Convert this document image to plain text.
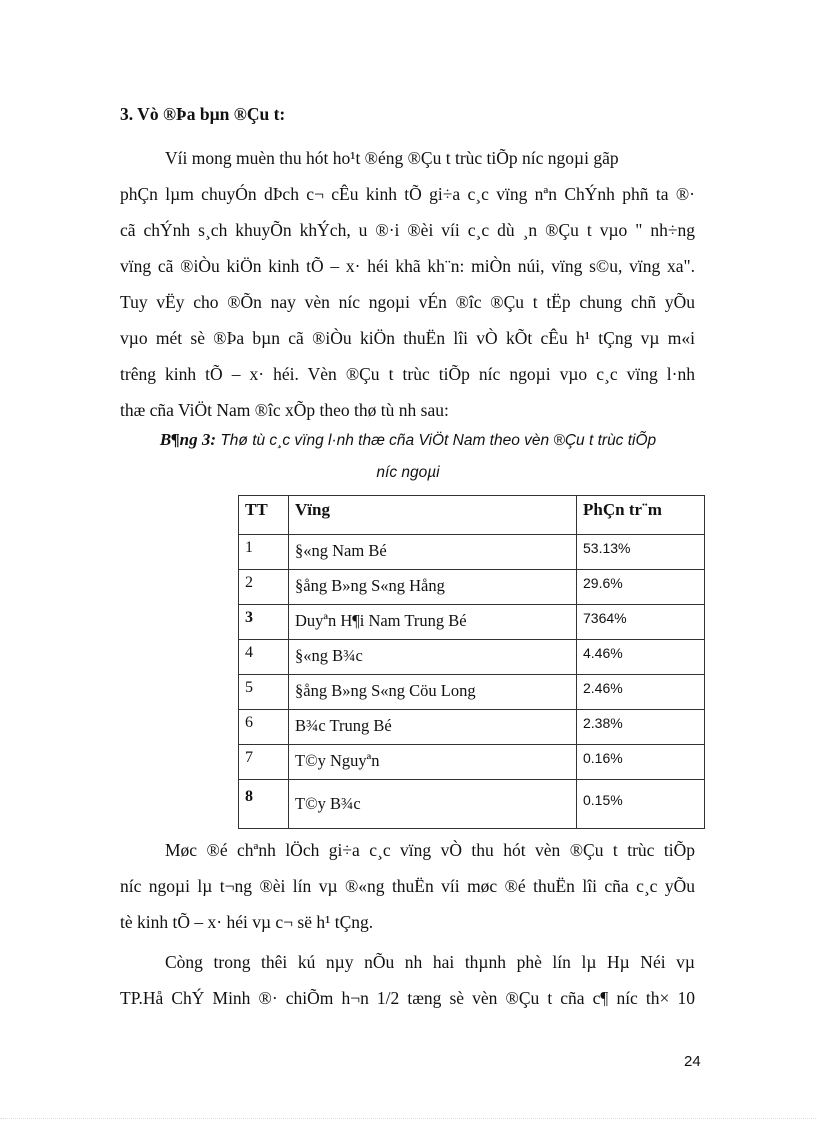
3. Vò ®Þa bµn ®Çu t:
Víi mong muèn thu hót ho¹t ®éng ®Çu t trùc tiÕp níc ngoµi gãp
phÇn lµm chuyÓn dÞch c¬ cÊu kinh tÕ gi÷a c¸c vïng nªn ChÝnh phñ ta ®·
cã chÝnh s¸ch khuyÕn khÝch, u ®·i ®èi víi c¸c dù ¸n ®Çu t vµo " nh÷ng
vïng cã ®iÒu kiÖn kinh tÕ – x· héi khã kh¨n: miÒn núi, vïng s©u, vïng xa".
Tuy vËy cho ®Õn nay vèn níc ngoµi vÉn ®îc ®Çu t tËp chung chñ yÕu
vµo mét sè ®Þa bµn cã ®iÒu kiÖn thuËn lîi vÒ kÕt cÊu h¹ tÇng vµ m«i
trêng kinh tÕ – x· héi. Vèn ®Çu t trùc tiÕp níc ngoµi vµo c¸c vïng l·nh
thæ cña ViÖt Nam ®îc xÕp theo thø tù nh sau:
B¶ng 3: Thø tù c¸c vïng l·nh thæ cña ViÖt Nam theo vèn ®Çu t trùc tiÕp
níc ngoµi
TT	Vïng	PhÇn tr¨m
1	§«ng Nam Bé	53.13%
2	§ång B»ng S«ng Hång	29.6%
3	Duyªn H¶i Nam Trung Bé	7364%
4	§«ng B¾c	4.46%
5	§ång B»ng S«ng Cöu Long	2.46%
6	B¾c Trung Bé	2.38%
7	T©y Nguyªn	0.16%
8	T©y B¾c	0.15%
Møc ®é chªnh lÖch gi÷a c¸c vïng vÒ thu hót vèn ®Çu t trùc tiÕp
níc ngoµi lµ t¬ng ®èi lín vµ ®«ng thuËn víi møc ®é thuËn lîi cña c¸c yÕu
tè kinh tÕ – x· héi vµ c¬ së h¹ tÇng.
Còng trong thêi kú nµy nÕu nh hai thµnh phè lín lµ Hµ Néi vµ
TP.Hå ChÝ Minh ®· chiÕm h¬n 1/2 tæng sè vèn ®Çu t cña c¶ níc th× 10
24
